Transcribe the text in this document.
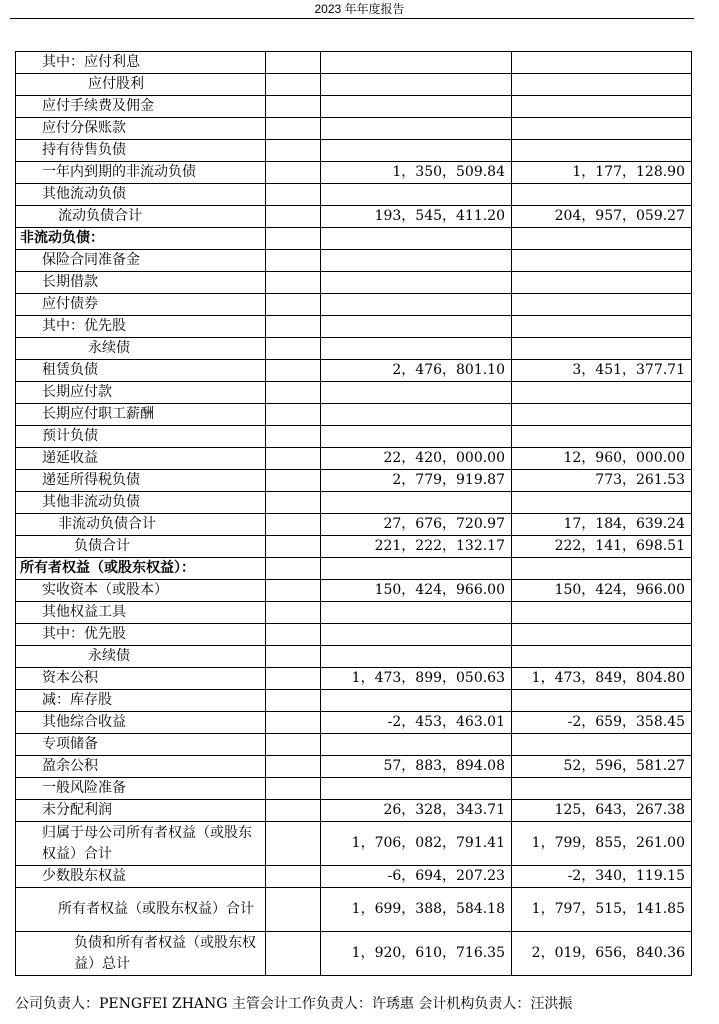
2023 年年度报告
其中：应付利息			
应付股利			
应付手续费及佣金			
应付分保账款			
持有待售负债			
一年内到期的非流动负债		1，350，509.84	1，177，128.90
其他流动负债			
流动负债合计		193，545，411.20	204，957，059.27
非流动负债：			
保险合同准备金			
长期借款			
应付债券			
其中：优先股			
永续债			
租赁负债		2，476，801.10	3，451，377.71
长期应付款			
长期应付职工薪酬			
预计负债			
递延收益		22，420，000.00	12，960，000.00
递延所得税负债		2，779，919.87	773，261.53
其他非流动负债			
非流动负债合计		27，676，720.97	17，184，639.24
负债合计		221，222，132.17	222，141，698.51
所有者权益（或股东权益）：			
实收资本（或股本）		150，424，966.00	150，424，966.00
其他权益工具			
其中：优先股			
永续债			
资本公积		1，473，899，050.63	1，473，849，804.80
减：库存股			
其他综合收益		-2，453，463.01	-2，659，358.45
专项储备			
盈余公积		57，883，894.08	52，596，581.27
一般风险准备			
未分配利润		26，328，343.71	125，643，267.38
归属于母公司所有者权益（或股东权益）合计		1，706，082，791.41	1，799，855，261.00
少数股东权益		-6，694，207.23	-2，340，119.15
所有者权益（或股东权益）合计		1，699，388，584.18	1，797，515，141.85
负债和所有者权益（或股东权益）总计		1，920，610，716.35	2，019，656，840.36
公司负责人：PENGFEI ZHANG 主管会计工作负责人：许琇惠 会计机构负责人：汪洪振
